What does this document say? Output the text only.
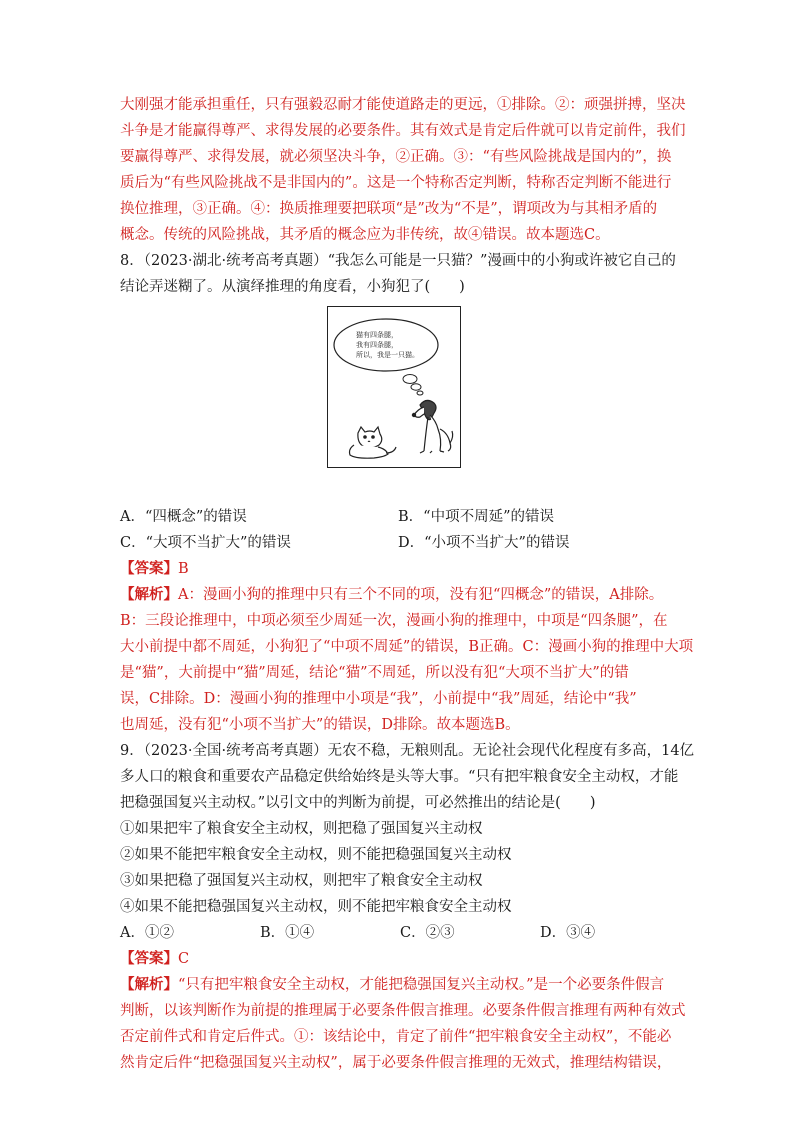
大刚强才能承担重任，只有强毅忍耐才能使道路走的更远，①排除。②：顽强拼搏，坚决
斗争是才能赢得尊严、求得发展的必要条件。其有效式是肯定后件就可以肯定前件，我们
要赢得尊严、求得发展，就必须坚决斗争，②正确。③：“有些风险挑战是国内的”，换
质后为“有些风险挑战不是非国内的”。这是一个特称否定判断，特称否定判断不能进行
换位推理，③正确。④：换质推理要把联项“是”改为“不是”，谓项改为与其相矛盾的
概念。传统的风险挑战，其矛盾的概念应为非传统，故④错误。故本题选C。
8．（2023·湖北·统考高考真题）“我怎么可能是一只猫？”漫画中的小狗或许被它自己的
结论弄迷糊了。从演绎推理的角度看，小狗犯了(　　)
猫有四条腿，
我有四条腿，
所以，我是一只猫。
A．“四概念”的错误	B．“中项不周延”的错误
C．“大项不当扩大”的错误	D．“小项不当扩大”的错误
【答案】B
【解析】A：漫画小狗的推理中只有三个不同的项，没有犯“四概念”的错误，A排除。
B：三段论推理中，中项必须至少周延一次，漫画小狗的推理中，中项是“四条腿”，在
大小前提中都不周延，小狗犯了“中项不周延”的错误，B正确。C：漫画小狗的推理中大项
是“猫”，大前提中“猫”周延，结论“猫”不周延，所以没有犯“大项不当扩大”的错
误，C排除。D：漫画小狗的推理中小项是“我”，小前提中“我”周延，结论中“我”
也周延，没有犯“小项不当扩大”的错误，D排除。故本题选B。
9．（2023·全国·统考高考真题）无农不稳，无粮则乱。无论社会现代化程度有多高，14亿
多人口的粮食和重要农产品稳定供给始终是头等大事。“只有把牢粮食安全主动权，才能
把稳强国复兴主动权。”以引文中的判断为前提，可必然推出的结论是(　　)
①如果把牢了粮食安全主动权，则把稳了强国复兴主动权
②如果不能把牢粮食安全主动权，则不能把稳强国复兴主动权
③如果把稳了强国复兴主动权，则把牢了粮食安全主动权
④如果不能把稳强国复兴主动权，则不能把牢粮食安全主动权
A．①②	B．①④	C．②③	D．③④
【答案】C
【解析】“只有把牢粮食安全主动权，才能把稳强国复兴主动权。”是一个必要条件假言
判断，以该判断作为前提的推理属于必要条件假言推理。必要条件假言推理有两种有效式
否定前件式和肯定后件式。①：该结论中，肯定了前件“把牢粮食安全主动权”，不能必
然肯定后件“把稳强国复兴主动权”，属于必要条件假言推理的无效式，推理结构错误，
